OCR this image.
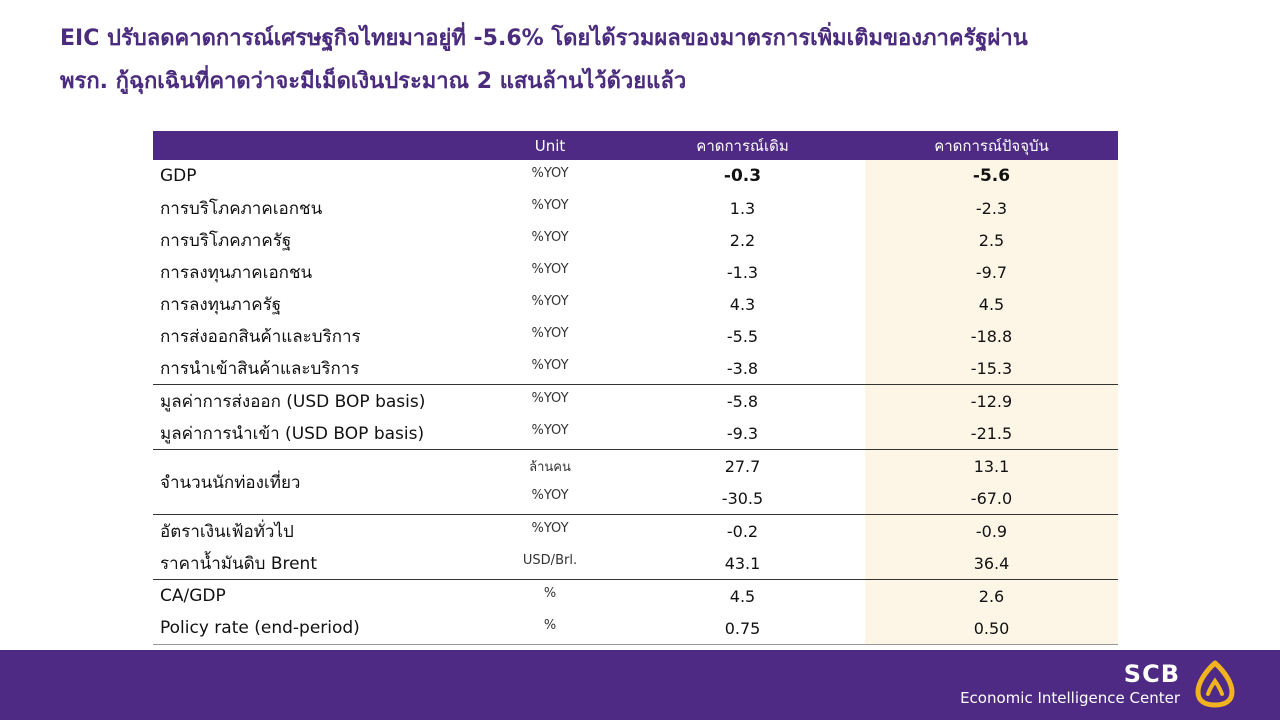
EIC ปรับลดคาดการณ์เศรษฐกิจไทยมาอยู่ที่ -5.6% โดยได้รวมผลของมาตรการเพิ่มเติมของภาครัฐผ่าน
พรก. กู้ฉุกเฉินที่คาดว่าจะมีเม็ดเงินประมาณ 2 แสนล้านไว้ด้วยแล้ว
	Unit	คาดการณ์เดิม	คาดการณ์ปัจจุบัน
GDP	%YOY	-0.3	-5.6
การบริโภคภาคเอกชน	%YOY	1.3	-2.3
การบริโภคภาครัฐ	%YOY	2.2	2.5
การลงทุนภาคเอกชน	%YOY	-1.3	-9.7
การลงทุนภาครัฐ	%YOY	4.3	4.5
การส่งออกสินค้าและบริการ	%YOY	-5.5	-18.8
การนำเข้าสินค้าและบริการ	%YOY	-3.8	-15.3
มูลค่าการส่งออก (USD BOP basis)	%YOY	-5.8	-12.9
มูลค่าการนำเข้า (USD BOP basis)	%YOY	-9.3	-21.5
จำนวนนักท่องเที่ยว	ล้านคน	27.7	13.1
	%YOY	-30.5	-67.0
อัตราเงินเฟ้อทั่วไป	%YOY	-0.2	-0.9
ราคาน้ำมันดิบ Brent	USD/Brl.	43.1	36.4
CA/GDP	%	4.5	2.6
Policy rate (end-period)	%	0.75	0.50
SCB
Economic Intelligence Center
